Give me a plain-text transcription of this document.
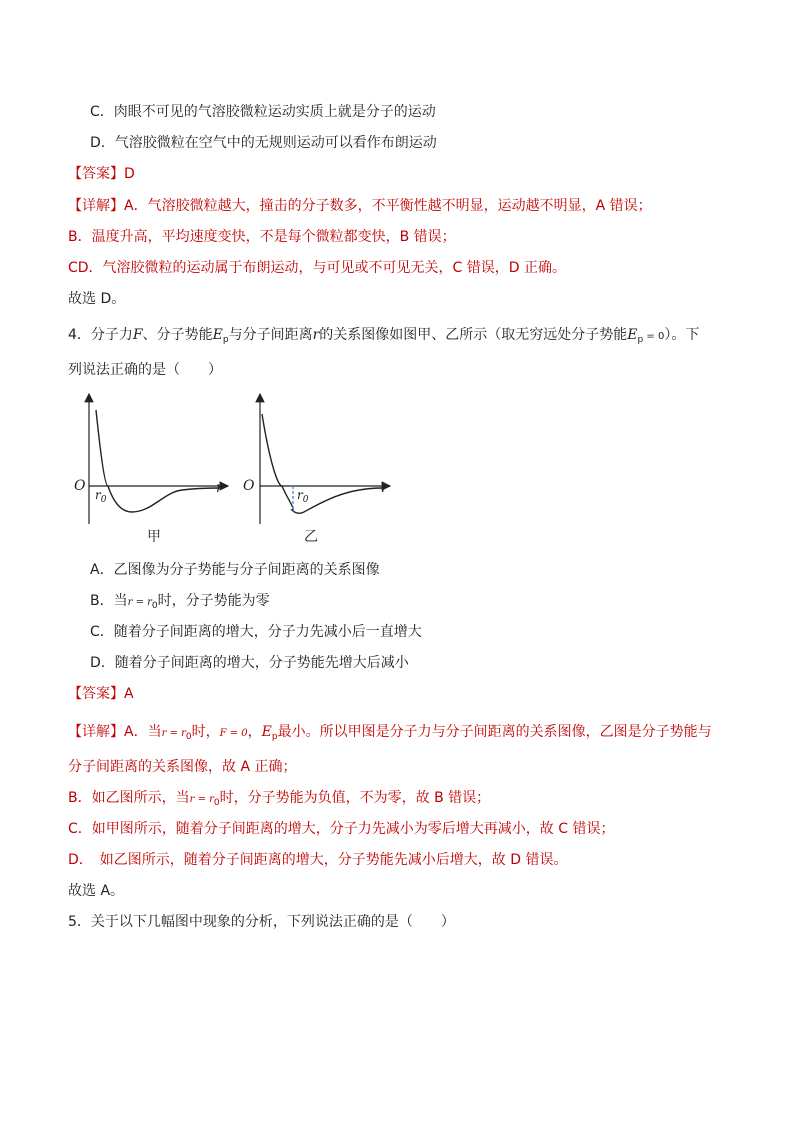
C．肉眼不可见的气溶胶微粒运动实质上就是分子的运动
D．气溶胶微粒在空气中的无规则运动可以看作布朗运动
【答案】D
【详解】A．气溶胶微粒越大，撞击的分子数多，不平衡性越不明显，运动越不明显，A 错误；
B．温度升高，平均速度变快，不是每个微粒都变快，B 错误；
CD．气溶胶微粒的运动属于布朗运动，与可见或不可见无关，C 错误，D 正确。
故选 D。
4．分子力F、分子势能$E_p$与分子间距离r的关系图像如图甲、乙所示（取无穷远处分子势能$E_p = 0$）。下
列说法正确的是（　　）
O
$r_0$
r
甲
O
$r_0$
r
乙
A．乙图像为分子势能与分子间距离的关系图像
B．当$r = r_0$时，分子势能为零
C．随着分子间距离的增大，分子力先减小后一直增大
D．随着分子间距离的增大，分子势能先增大后减小
【答案】A
【详解】A．当$r = r_0$时，F = 0，$E_p$最小。所以甲图是分子力与分子间距离的关系图像，乙图是分子势能与
分子间距离的关系图像，故 A 正确；
B．如乙图所示，当$r = r_0$时，分子势能为负值，不为零，故 B 错误；
C．如甲图所示，随着分子间距离的增大，分子力先减小为零后增大再减小，故 C 错误；
D．　如乙图所示，随着分子间距离的增大，分子势能先减小后增大，故 D 错误。
故选 A。
5．关于以下几幅图中现象的分析，下列说法正确的是（　　）
